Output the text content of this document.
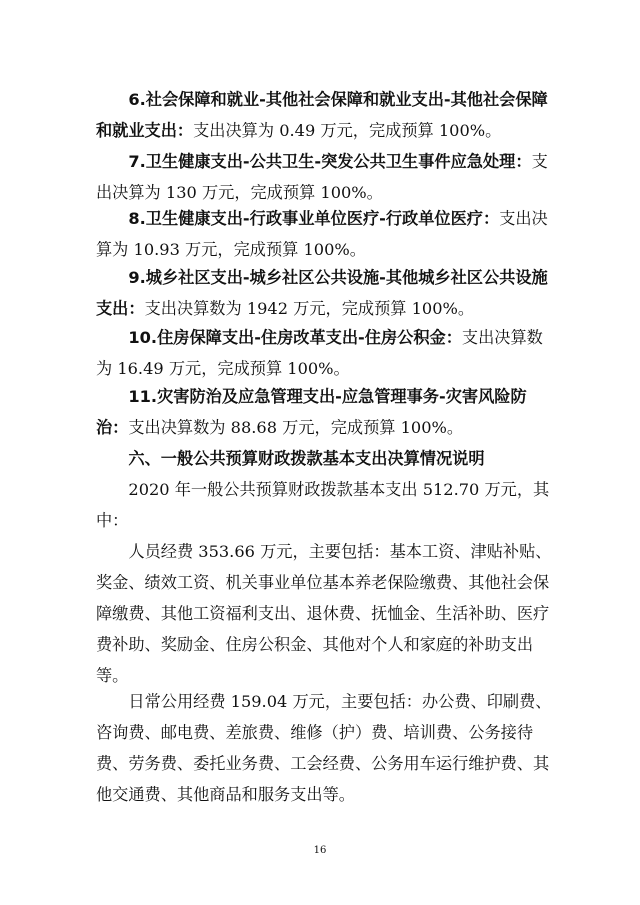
6.社会保障和就业-其他社会保障和就业支出-其他社会保障和就业支出：支出决算为 0.49 万元，完成预算 100%。

7.卫生健康支出-公共卫生-突发公共卫生事件应急处理：支出决算为 130 万元，完成预算 100%。

8.卫生健康支出-行政事业单位医疗-行政单位医疗：支出决算为 10.93 万元，完成预算 100%。

9.城乡社区支出-城乡社区公共设施-其他城乡社区公共设施支出：支出决算数为 1942 万元，完成预算 100%。

10.住房保障支出-住房改革支出-住房公积金：支出决算数为 16.49 万元，完成预算 100%。

11.灾害防治及应急管理支出-应急管理事务-灾害风险防治：支出决算数为 88.68 万元，完成预算 100%。

六、一般公共预算财政拨款基本支出决算情况说明

2020 年一般公共预算财政拨款基本支出 512.70 万元，其中：

人员经费 353.66 万元，主要包括：基本工资、津贴补贴、奖金、绩效工资、机关事业单位基本养老保险缴费、其他社会保障缴费、其他工资福利支出、退休费、抚恤金、生活补助、医疗费补助、奖励金、住房公积金、其他对个人和家庭的补助支出等。

日常公用经费 159.04 万元，主要包括：办公费、印刷费、咨询费、邮电费、差旅费、维修（护）费、培训费、公务接待费、劳务费、委托业务费、工会经费、公务用车运行维护费、其他交通费、其他商品和服务支出等。

16
